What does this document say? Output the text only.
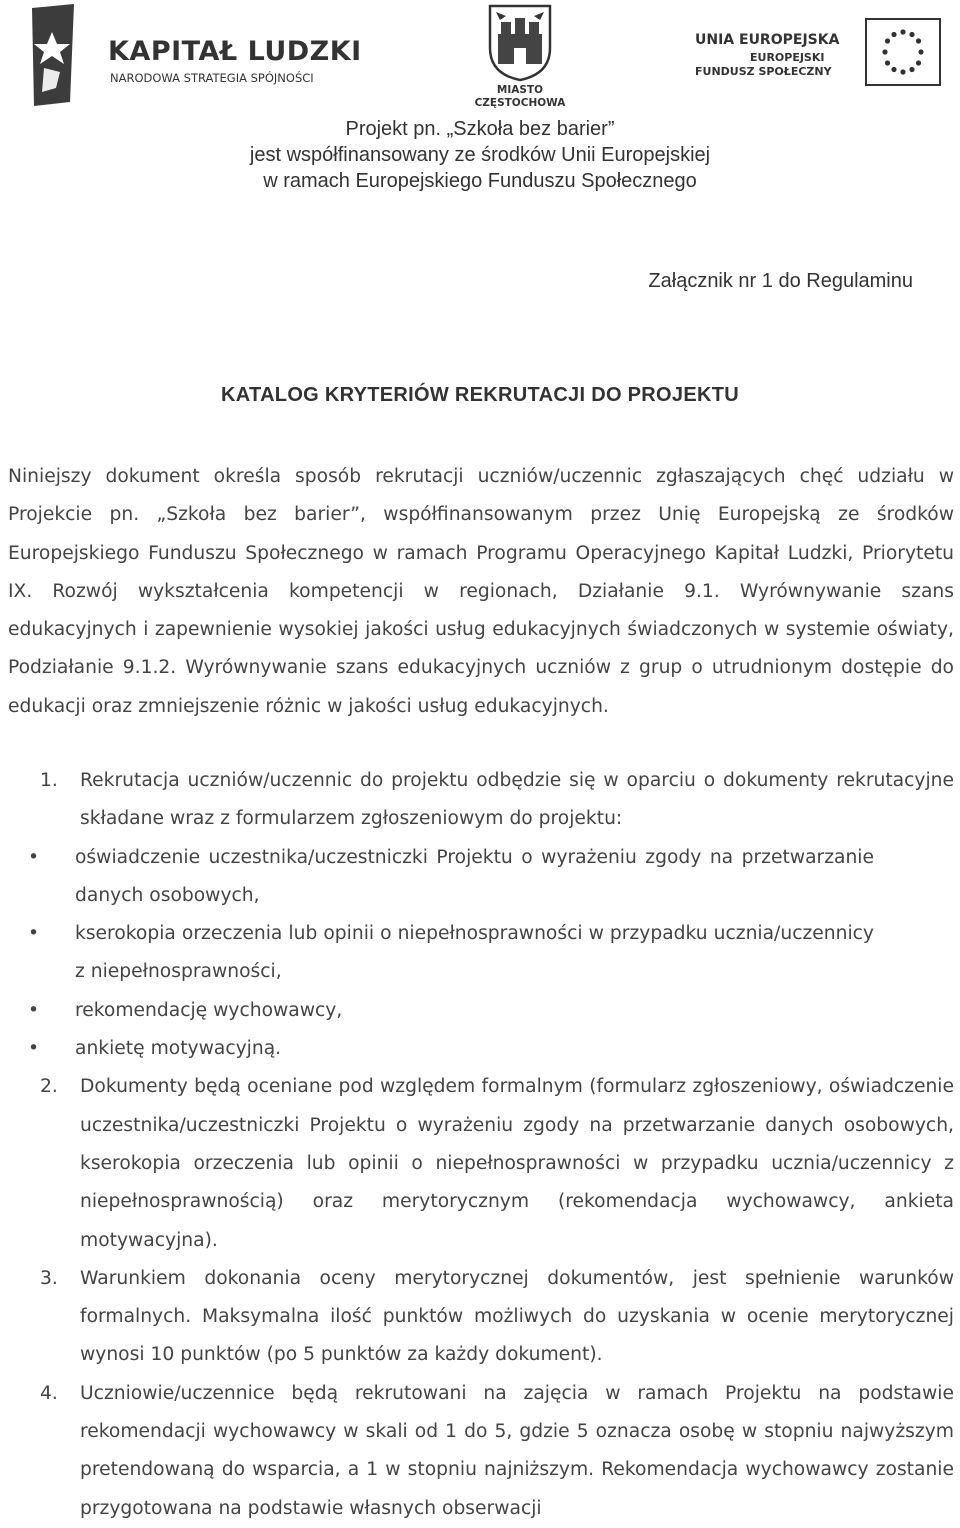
KAPITAŁ LUDZKI
NARODOWA STRATEGIA SPÓJNOŚCI
MIASTO
CZĘSTOCHOWA
UNIA EUROPEJSKA
EUROPEJSKI
FUNDUSZ SPOŁECZNY
Projekt pn. „Szkoła bez barier”
jest współfinansowany ze środków Unii Europejskiej
w ramach Europejskiego Funduszu Społecznego
Załącznik nr 1 do Regulaminu
KATALOG KRYTERIÓW REKRUTACJI DO PROJEKTU

Niniejszy dokument określa sposób rekrutacji uczniów/uczennic zgłaszających chęć udziału w Projekcie pn. „Szkoła bez barier”, współfinansowanym przez Unię Europejską ze środków Europejskiego Funduszu Społecznego w ramach Programu Operacyjnego Kapitał Ludzki, Priorytetu IX. Rozwój wykształcenia kompetencji w regionach, Działanie 9.1. Wyrównywanie szans edukacyjnych i zapewnienie wysokiej jakości usług edukacyjnych świadczonych w systemie oświaty, Podziałanie 9.1.2. Wyrównywanie szans edukacyjnych uczniów z grup o utrudnionym dostępie do edukacji oraz zmniejszenie różnic w jakości usług edukacyjnych.

1. Rekrutacja uczniów/uczennic do projektu odbędzie się w oparciu o dokumenty rekrutacyjne składane wraz z formularzem zgłoszeniowym do projektu:
• oświadczenie uczestnika/uczestniczki Projektu o wyrażeniu zgody na przetwarzanie danych osobowych,
• kserokopia orzeczenia lub opinii o niepełnosprawności w przypadku ucznia/uczennicy z niepełnosprawności,
• rekomendację wychowawcy,
• ankietę motywacyjną.
2. Dokumenty będą oceniane pod względem formalnym (formularz zgłoszeniowy, oświadczenie uczestnika/uczestniczki Projektu o wyrażeniu zgody na przetwarzanie danych osobowych, kserokopia orzeczenia lub opinii o niepełnosprawności w przypadku ucznia/uczennicy z niepełnosprawnością) oraz merytorycznym (rekomendacja wychowawcy, ankieta motywacyjna).
3. Warunkiem dokonania oceny merytorycznej dokumentów, jest spełnienie warunków formalnych. Maksymalna ilość punktów możliwych do uzyskania w ocenie merytorycznej wynosi 10 punktów (po 5 punktów za każdy dokument).
4. Uczniowie/uczennice będą rekrutowani na zajęcia w ramach Projektu na podstawie rekomendacji wychowawcy w skali od 1 do 5, gdzie 5 oznacza osobę w stopniu najwyższym pretendowaną do wsparcia, a 1 w stopniu najniższym. Rekomendacja wychowawcy zostanie przygotowana na podstawie własnych obserwacji
